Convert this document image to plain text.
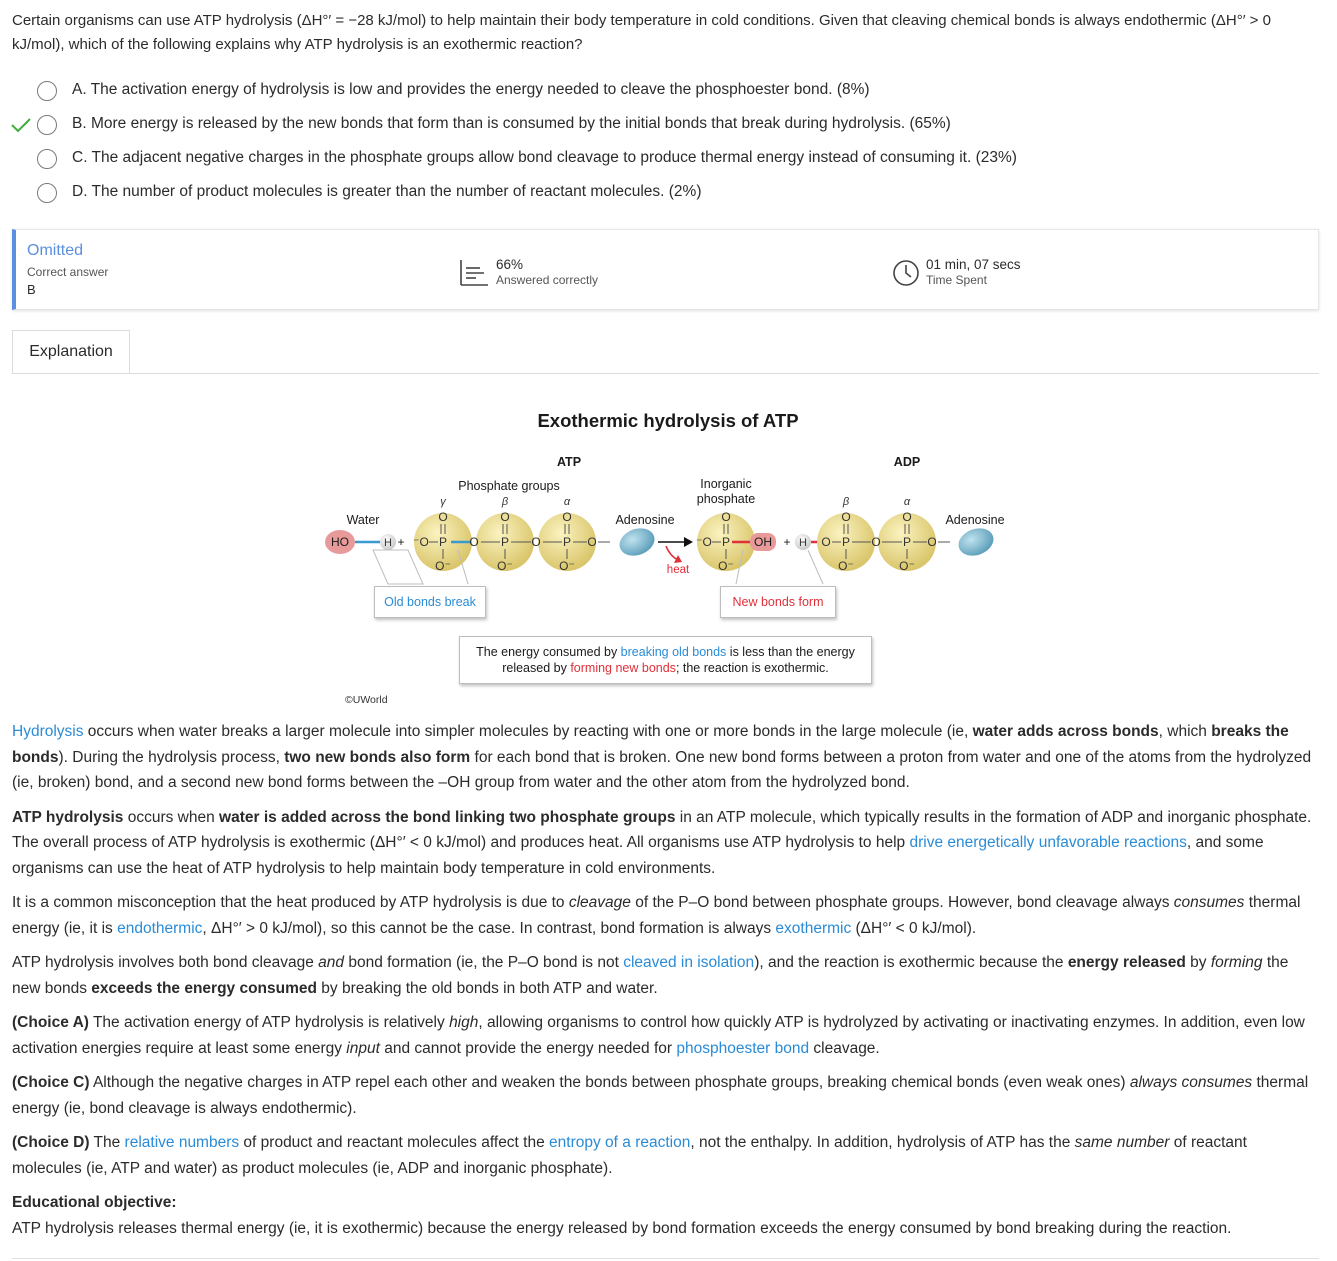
Certain organisms can use ATP hydrolysis (ΔH°′ = −28 kJ/mol) to help maintain their body temperature in cold conditions. Given that cleaving chemical bonds is always endothermic (ΔH°′ > 0 kJ/mol), which of the following explains why ATP hydrolysis is an exothermic reaction?
A. The activation energy of hydrolysis is low and provides the energy needed to cleave the phosphoester bond. (8%)
B. More energy is released by the new bonds that form than is consumed by the initial bonds that break during hydrolysis. (65%)
C. The adjacent negative charges in the phosphate groups allow bond cleavage to produce thermal energy instead of consuming it. (23%)
D. The number of product molecules is greater than the number of reactant molecules. (2%)
Omitted
Correct answer
B
66%
Answered correctly
01 min, 07 secs
Time Spent
Explanation
Exothermic hydrolysis of ATP
ATP	ADP
Phosphate groups	Inorganic
phosphate
γ	β	α	β	α
Water	Adenosine	Adenosine
HO	H + ⁻O
O
P
O⁻
O
O
P
O⁻
O
O
P
O⁻
O
heat
⁻O
O
P
O⁻
OH + H O
O
P
O⁻
O
O
P
O⁻
O
©UWorld
Old bonds break	New bonds form
The energy consumed by breaking old bonds is less than the energy
released by forming new bonds; the reaction is exothermic.

Hydrolysis occurs when water breaks a larger molecule into simpler molecules by reacting with one or more bonds in the large molecule (ie, water adds across bonds, which breaks the bonds). During the hydrolysis process, two new bonds also form for each bond that is broken. One new bond forms between a proton from water and one of the atoms from the hydrolyzed (ie, broken) bond, and a second new bond forms between the –OH group from water and the other atom from the hydrolyzed bond.

ATP hydrolysis occurs when water is added across the bond linking two phosphate groups in an ATP molecule, which typically results in the formation of ADP and inorganic phosphate. The overall process of ATP hydrolysis is exothermic (ΔH°′ < 0 kJ/mol) and produces heat. All organisms use ATP hydrolysis to help drive energetically unfavorable reactions, and some organisms can use the heat of ATP hydrolysis to help maintain body temperature in cold environments.

It is a common misconception that the heat produced by ATP hydrolysis is due to cleavage of the P–O bond between phosphate groups. However, bond cleavage always consumes thermal energy (ie, it is endothermic, ΔH°′ > 0 kJ/mol), so this cannot be the case. In contrast, bond formation is always exothermic (ΔH°′ < 0 kJ/mol).

ATP hydrolysis involves both bond cleavage and bond formation (ie, the P–O bond is not cleaved in isolation), and the reaction is exothermic because the energy released by forming the new bonds exceeds the energy consumed by breaking the old bonds in both ATP and water.

(Choice A) The activation energy of ATP hydrolysis is relatively high, allowing organisms to control how quickly ATP is hydrolyzed by activating or inactivating enzymes. In addition, even low activation energies require at least some energy input and cannot provide the energy needed for phosphoester bond cleavage.

(Choice C) Although the negative charges in ATP repel each other and weaken the bonds between phosphate groups, breaking chemical bonds (even weak ones) always consumes thermal energy (ie, bond cleavage is always endothermic).

(Choice D) The relative numbers of product and reactant molecules affect the entropy of a reaction, not the enthalpy. In addition, hydrolysis of ATP has the same number of reactant molecules (ie, ATP and water) as product molecules (ie, ADP and inorganic phosphate).

Educational objective:

ATP hydrolysis releases thermal energy (ie, it is exothermic) because the energy released by bond formation exceeds the energy consumed by bond breaking during the reaction.
